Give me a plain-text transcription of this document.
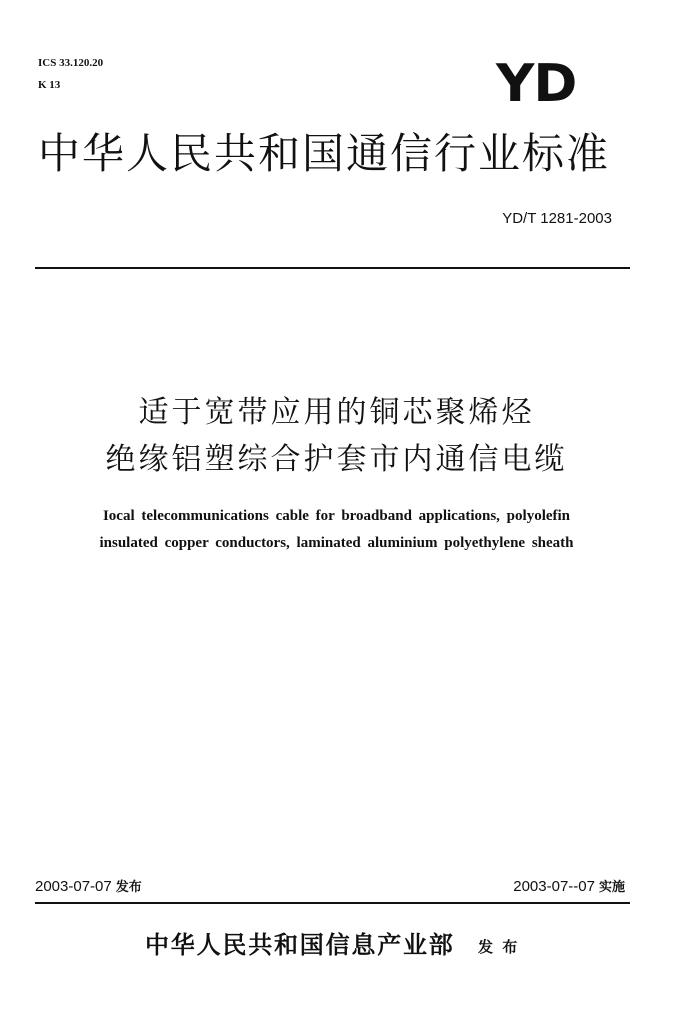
ICS 33.120.20
K 13	YD
中华人民共和国通信行业标准
YD/T 1281-2003
适于宽带应用的铜芯聚烯烃
绝缘铝塑综合护套市内通信电缆
Iocal telecommunications cable for broadband applications, polyolefin
insulated copper conductors, laminated aluminium polyethylene sheath
2003-07-07 发布	2003-07--07 实施
中华人民共和国信息产业部 发 布
